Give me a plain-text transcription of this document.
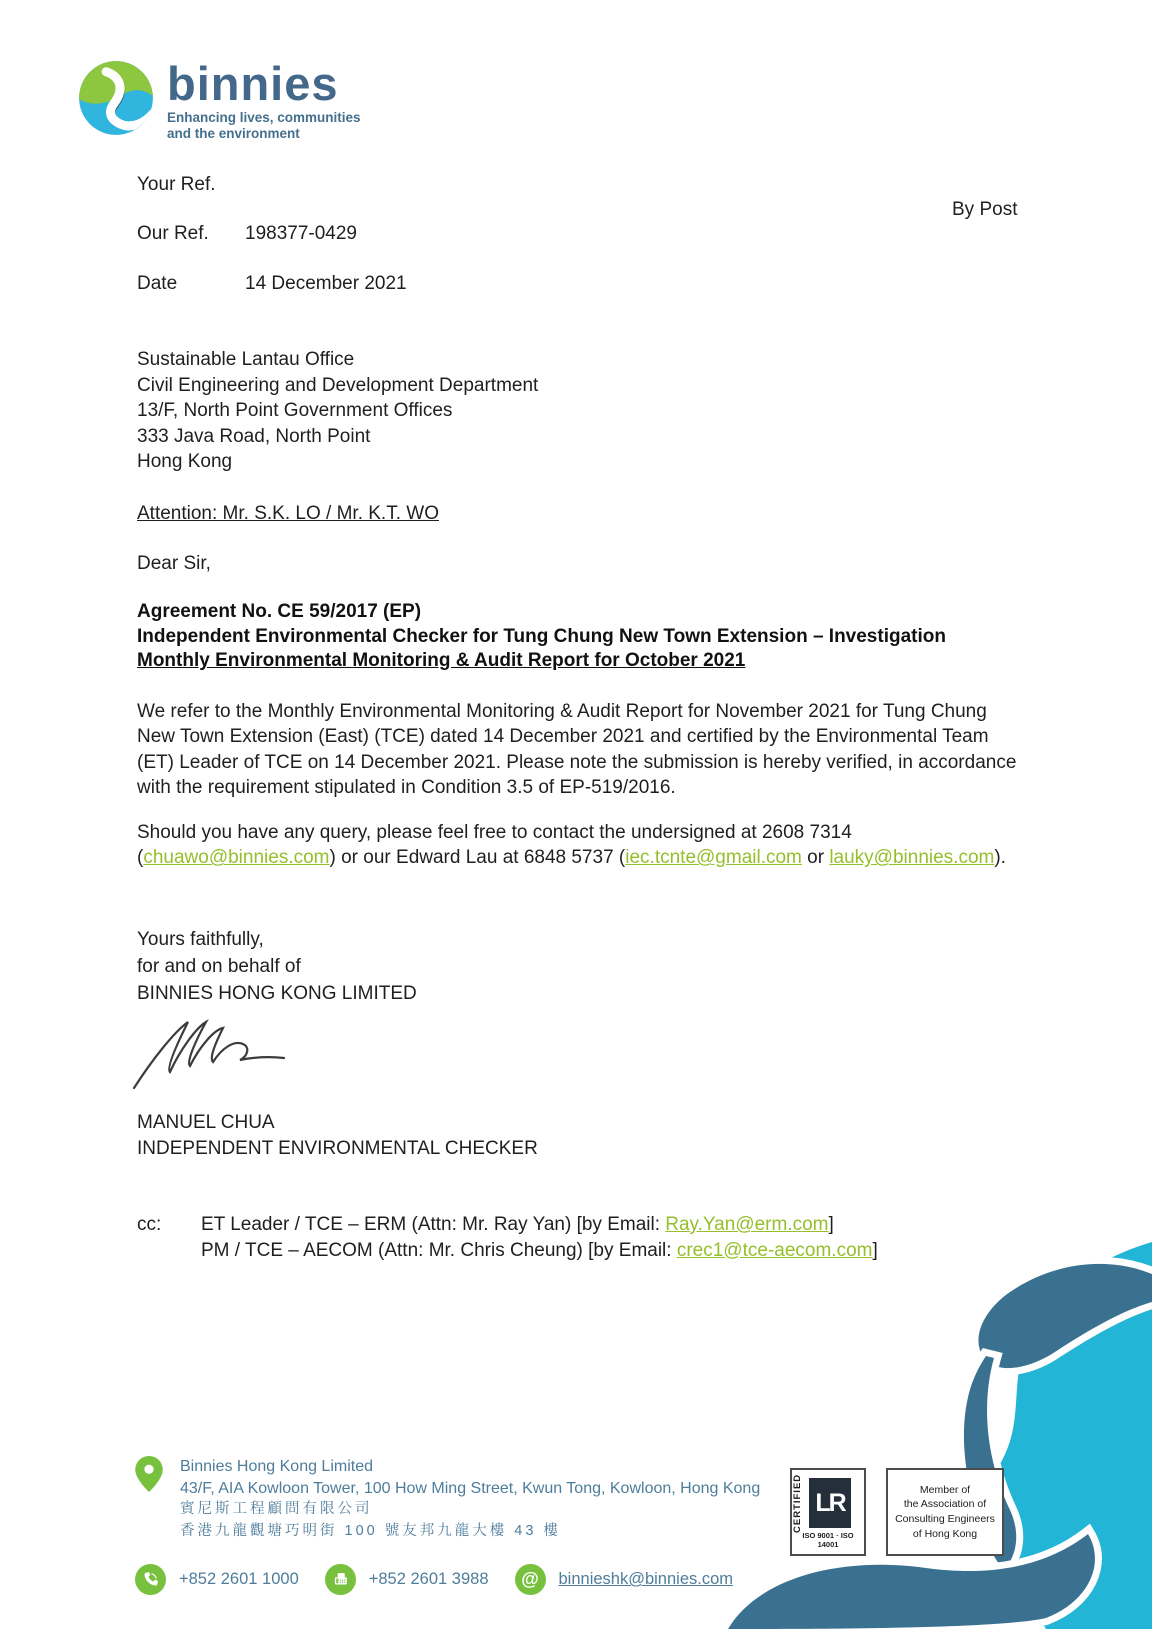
binnies
Enhancing lives, communities
and the environment
Your Ref.
By Post
Our Ref.	198377-0429
Date	14 December 2021
Sustainable Lantau Office
Civil Engineering and Development Department
13/F, North Point Government Offices
333 Java Road, North Point
Hong Kong
Attention: Mr. S.K. LO / Mr. K.T. WO
Dear Sir,
Agreement No. CE 59/2017 (EP)
Independent Environmental Checker for Tung Chung New Town Extension – Investigation
Monthly Environmental Monitoring & Audit Report for October 2021
We refer to the Monthly Environmental Monitoring & Audit Report for November 2021 for Tung Chung New Town Extension (East) (TCE) dated 14 December 2021 and certified by the Environmental Team (ET) Leader of TCE on 14 December 2021. Please note the submission is hereby verified, in accordance with the requirement stipulated in Condition 3.5 of EP-519/2016.
Should you have any query, please feel free to contact the undersigned at 2608 7314
(chuawo@binnies.com) or our Edward Lau at 6848 5737 (iec.tcnte@gmail.com or lauky@binnies.com).
Yours faithfully,
for and on behalf of
BINNIES HONG KONG LIMITED
MANUEL CHUA
INDEPENDENT ENVIRONMENTAL CHECKER
cc:	ET Leader / TCE – ERM (Attn: Mr. Ray Yan) [by Email: Ray.Yan@erm.com]
PM / TCE – AECOM (Attn: Mr. Chris Cheung) [by Email: crec1@tce-aecom.com]
Binnies Hong Kong Limited
43/F, AIA Kowloon Tower, 100 How Ming Street, Kwun Tong, Kowloon, Hong Kong
賓尼斯工程顧問有限公司
香港九龍觀塘巧明街 100 號友邦九龍大樓 43 樓
+852 2601 1000	+852 2601 3988 @ binnieshk@binnies.com
CERTIFIED LR
ISO 9001 · ISO 14001
Member of
the Association of
Consulting Engineers
of Hong Kong
